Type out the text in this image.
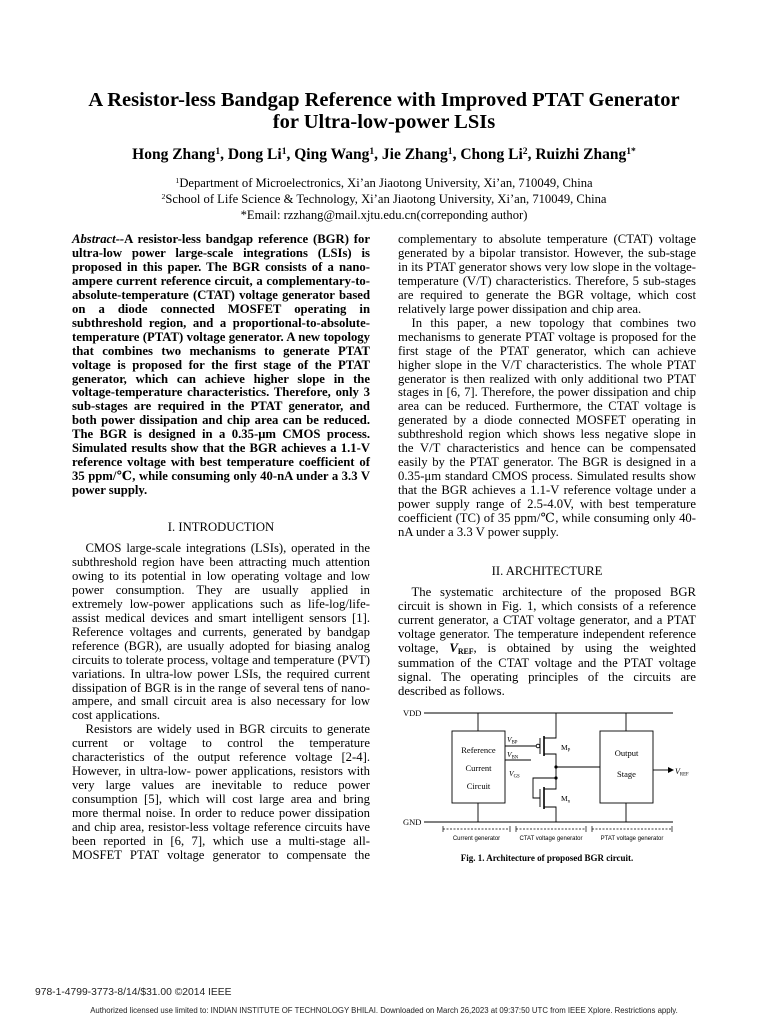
A Resistor-less Bandgap Reference with Improved PTAT Generator
for Ultra-low-power LSIs
Hong Zhang$^1$, Dong Li$^1$, Qing Wang$^1$, Jie Zhang$^1$, Chong Li$^2$, Ruizhi Zhang$^{1*}$
$^1$Department of Microelectronics, Xi’an Jiaotong University, Xi’an, 710049, China
$^2$School of Life Science & Technology, Xi’an Jiaotong University, Xi’an, 710049, China
*Email: rzzhang@mail.xjtu.edu.cn(correponding author)

Abstract--A resistor-less bandgap reference (BGR) for ultra-low power large-scale integrations (LSIs) is proposed in this paper. The BGR consists of a nano-ampere current reference circuit, a complementary-to-absolute-temperature (CTAT) voltage generator based on a diode connected MOSFET operating in subthreshold region, and a proportional-to-absolute-temperature (PTAT) voltage generator. A new topology that combines two mechanisms to generate PTAT voltage is proposed for the first stage of the PTAT generator, which can achieve higher slope in the voltage-temperature characteristics. Therefore, only 3 sub-stages are required in the PTAT generator, and both power dissipation and chip area can be reduced. The BGR is designed in a 0.35-μm CMOS process. Simulated results show that the BGR achieves a 1.1-V reference voltage with best temperature coefficient of 35 ppm/℃, while consuming only 40-nA under a 3.3 V power supply.

I. INTRODUCTION

CMOS large-scale integrations (LSIs), operated in the subthreshold region have been attracting much attention owing to its potential in low operating voltage and low power consumption. They are usually applied in extremely low-power applications such as life-log/life-assist medical devices and smart intelligent sensors [1]. Reference voltages and currents, generated by bandgap reference (BGR), are usually adopted for biasing analog circuits to tolerate process, voltage and temperature (PVT) variations. In ultra-low power LSIs, the required current dissipation of BGR is in the range of several tens of nano-ampere, and small circuit area is also necessary for low cost applications.

Resistors are widely used in BGR circuits to generate current or voltage to control the temperature characteristics of the output reference voltage [2-4]. However, in ultra-low- power applications, resistors with very large values are inevitable to reduce power consumption [5], which will cost large area and bring more thermal noise. In order to reduce power dissipation and chip area, resistor-less voltage reference circuits have been reported in [6, 7], which use a multi-stage all-MOSFET PTAT voltage generator to compensate the

complementary to absolute temperature (CTAT) voltage generated by a bipolar transistor. However, the sub-stage in its PTAT generator shows very low slope in the voltage-temperature (V/T) characteristics. Therefore, 5 sub-stages are required to generate the BGR voltage, which cost relatively large power dissipation and chip area.

In this paper, a new topology that combines two mechanisms to generate PTAT voltage is proposed for the first stage of the PTAT generator, which can achieve higher slope in the V/T characteristics. The whole PTAT generator is then realized with only additional two PTAT stages in [6, 7]. Therefore, the power dissipation and chip area can be reduced. Furthermore, the CTAT voltage is generated by a diode connected MOSFET operating in subthreshold region which shows less negative slope in the V/T characteristics and hence can be compensated easily by the PTAT generator. The BGR is designed in a 0.35-μm standard CMOS process. Simulated results show that the BGR achieves a 1.1-V reference voltage under a power supply range of 2.5-4.0V, with best temperature coefficient (TC) of 35 ppm/℃, while consuming only 40-nA under a 3.3 V power supply.

II. ARCHITECTURE

The systematic architecture of the proposed BGR circuit is shown in Fig. 1, which consists of a reference current generator, a CTAT voltage generator, and a PTAT voltage generator. The temperature independent reference voltage, $V_{REF}$, is obtained by using the weighted summation of the CTAT voltage and the PTAT voltage signal. The operating principles of the circuits are described as follows.

VDD
GND
Reference
Current
Circuit
Output
Stage
$V_{BP}$
$V_{BN}$
$V_{GS}$
$M_P$
$M_n$
VREF
Current generator	CTAT voltage generator	PTAT voltage generator
Fig. 1. Architecture of proposed BGR circuit.
978-1-4799-3773-8/14/$31.00 ©2014 IEEE
Authorized licensed use limited to: INDIAN INSTITUTE OF TECHNOLOGY BHILAI. Downloaded on March 26,2023 at 09:37:50 UTC from IEEE Xplore. Restrictions apply.
